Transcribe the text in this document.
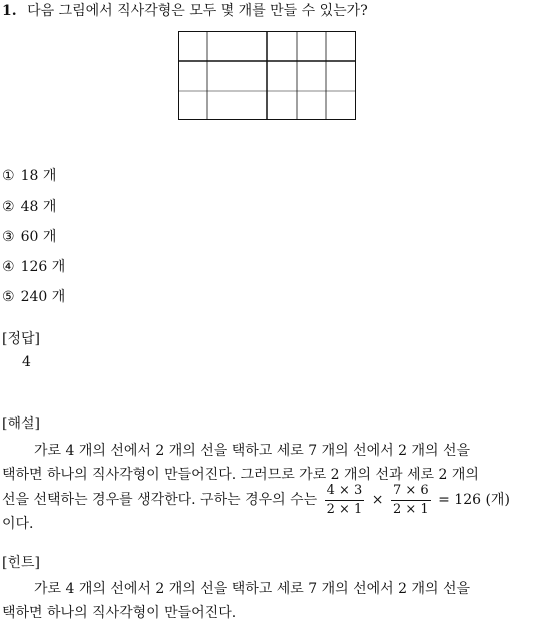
1. 다음 그림에서 직사각형은 모두 몇 개를 만들 수 있는가?
① 18 개
② 48 개
③ 60 개
④ 126 개
⑤ 240 개
[정답]
4
[해설]
가로 4 개의 선에서 2 개의 선을 택하고 세로 7 개의 선에서 2 개의 선을
택하면 하나의 직사각형이 만들어진다. 그러므로 가로 2 개의 선과 세로 2 개의
선을 선택하는 경우를 생각한다. 구하는 경우의 수는 $\frac{4 \times 3}{2 \times 1} \times \frac{7 \times 6}{2 \times 1} = 126$ (개)
이다.
[힌트]
가로 4 개의 선에서 2 개의 선을 택하고 세로 7 개의 선에서 2 개의 선을
택하면 하나의 직사각형이 만들어진다.
